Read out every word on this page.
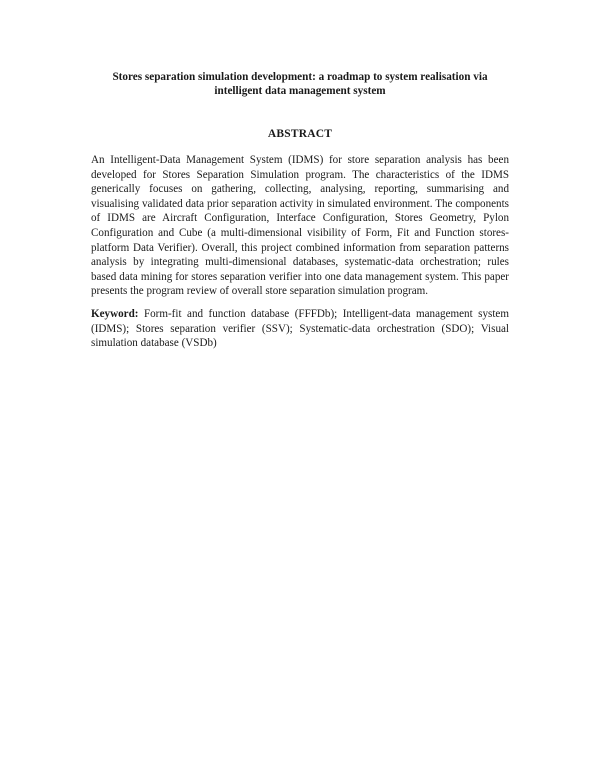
Stores separation simulation development: a roadmap to system realisation via
intelligent data management system
ABSTRACT
An Intelligent-Data Management System (IDMS) for store separation analysis has been
developed for Stores Separation Simulation program. The characteristics of the IDMS
generically focuses on gathering, collecting, analysing, reporting, summarising and
visualising validated data prior separation activity in simulated environment. The components
of IDMS are Aircraft Configuration, Interface Configuration, Stores Geometry, Pylon
Configuration and Cube (a multi-dimensional visibility of Form, Fit and Function stores-
platform Data Verifier). Overall, this project combined information from separation patterns
analysis by integrating multi-dimensional databases, systematic-data orchestration; rules
based data mining for stores separation verifier into one data management system. This paper
presents the program review of overall store separation simulation program.
Keyword: Form-fit and function database (FFFDb); Intelligent-data management system
(IDMS); Stores separation verifier (SSV); Systematic-data orchestration (SDO); Visual
simulation database (VSDb)
